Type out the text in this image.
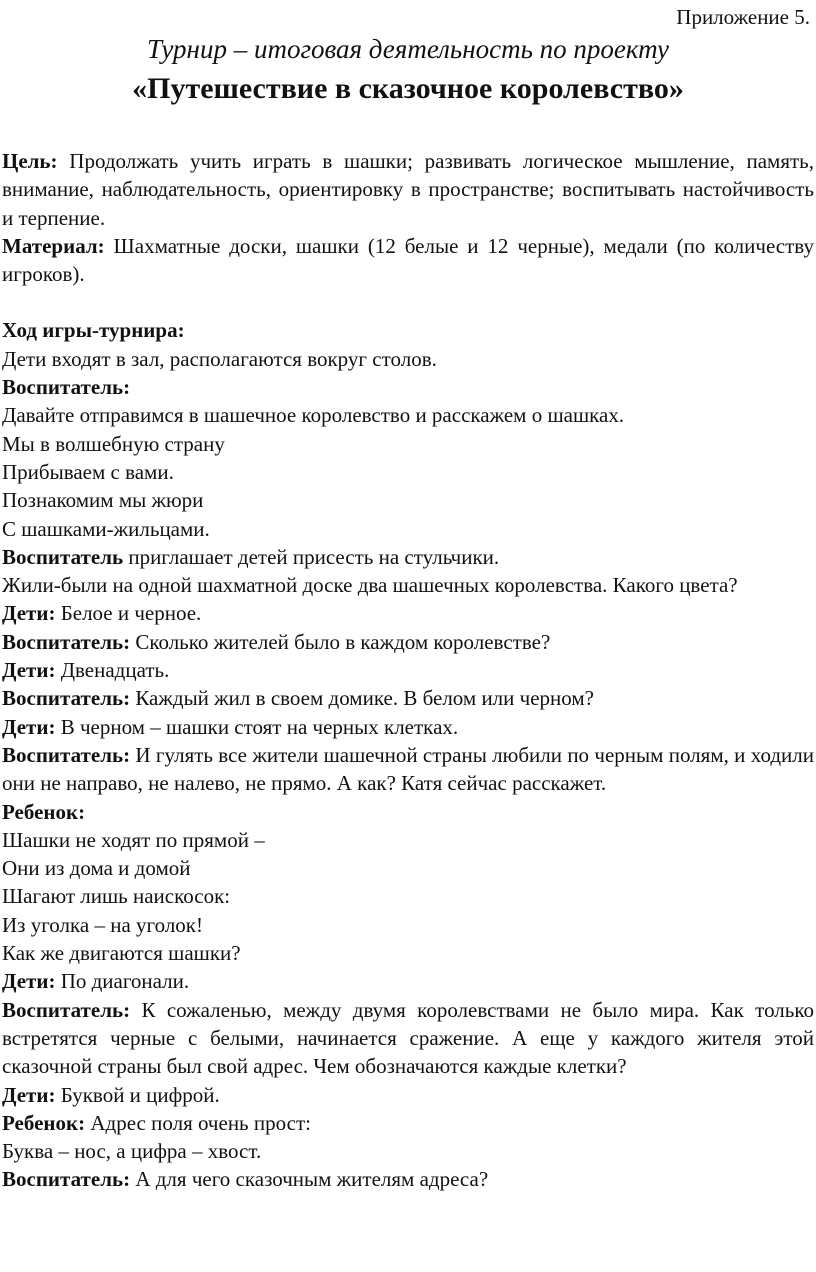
Приложение 5.
Турнир – итоговая деятельность по проекту
«Путешествие в сказочное королевство»

Цель: Продолжать учить играть в шашки; развивать логическое мышление, память, внимание, наблюдательность, ориентировку в пространстве; воспитывать настойчивость и терпение.

Материал: Шахматные доски, шашки (12 белые и 12 черные), медали (по количеству игроков).

Ход игры-турнира:

Дети входят в зал, располагаются вокруг столов.

Воспитатель:

Давайте отправимся в шашечное королевство и расскажем о шашках.

Мы в волшебную страну

Прибываем с вами.

Познакомим мы жюри

С шашками-жильцами.

Воспитатель приглашает детей присесть на стульчики.

Жили-были на одной шахматной доске два шашечных королевства. Какого цвета?

Дети: Белое и черное.

Воспитатель: Сколько жителей было в каждом королевстве?

Дети: Двенадцать.

Воспитатель: Каждый жил в своем домике. В белом или черном?

Дети: В черном – шашки стоят на черных клетках.

Воспитатель: И гулять все жители шашечной страны любили по черным полям, и ходили они не направо, не налево, не прямо. А как? Катя сейчас расскажет.

Ребенок:

Шашки не ходят по прямой –

Они из дома и домой

Шагают лишь наискосок:

Из уголка – на уголок!

Как же двигаются шашки?

Дети: По диагонали.

Воспитатель: К сожаленью, между двумя королевствами не было мира. Как только встретятся черные с белыми, начинается сражение. А еще у каждого жителя этой сказочной страны был свой адрес. Чем обозначаются каждые клетки?

Дети: Буквой и цифрой.

Ребенок: Адрес поля очень прост:

Буква – нос, а цифра – хвост.

Воспитатель: А для чего сказочным жителям адреса?
